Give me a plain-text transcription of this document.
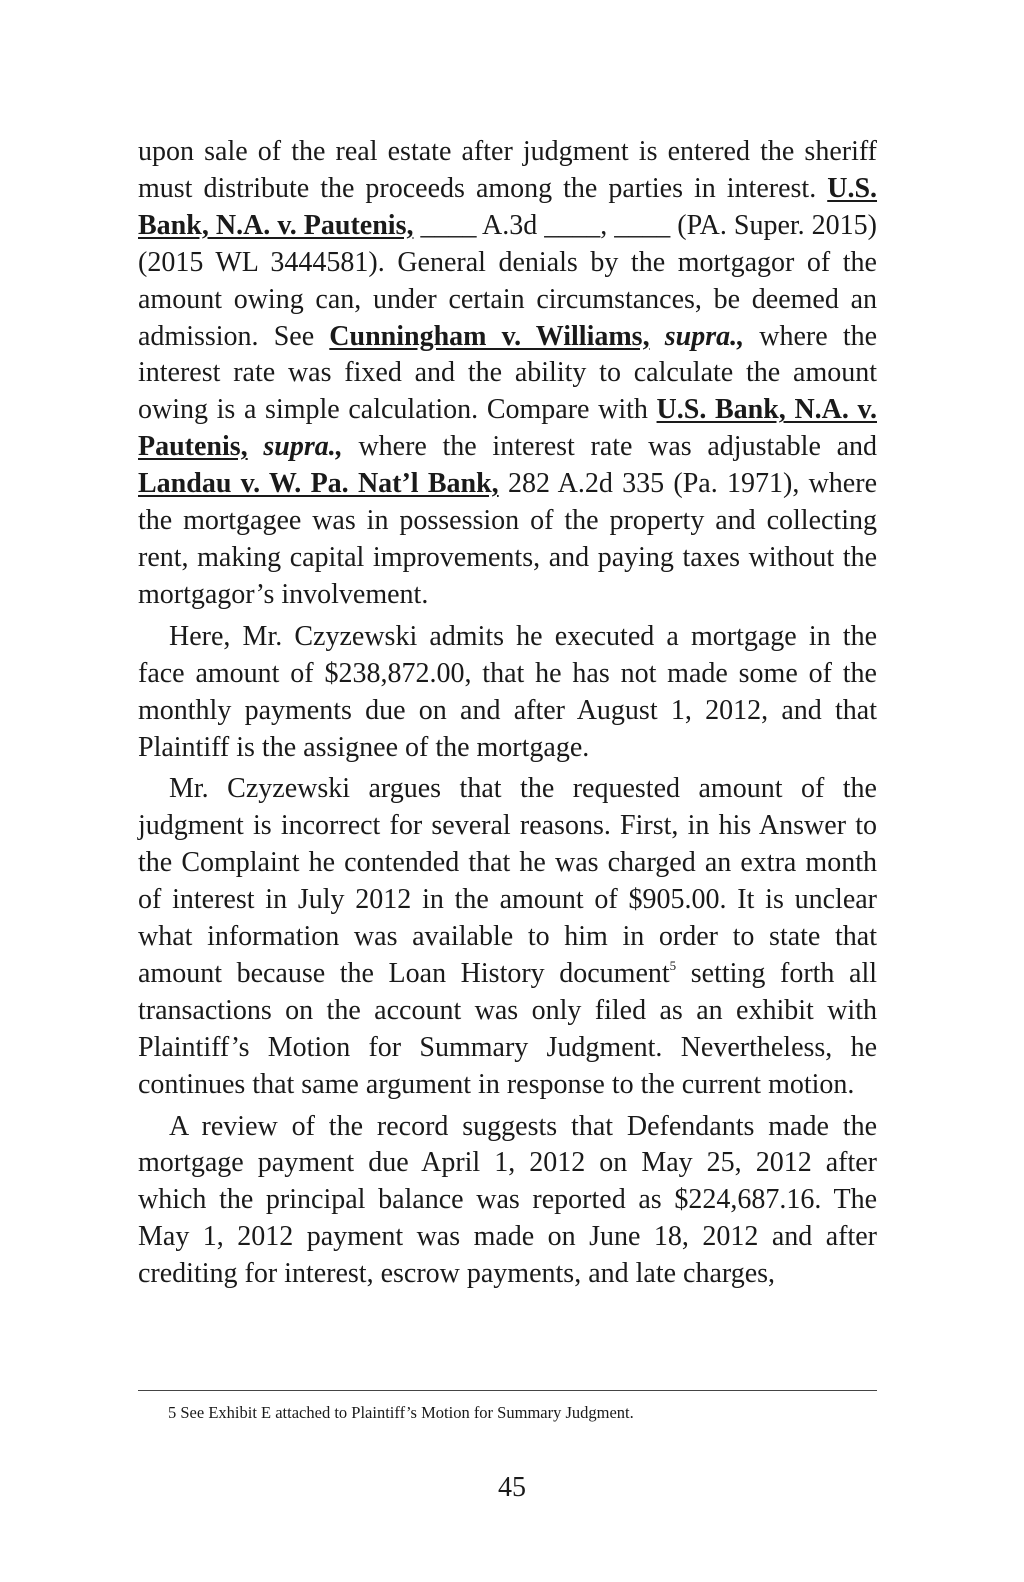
upon sale of the real estate after judgment is entered the sheriff must distribute the proceeds among the parties in interest. U.S. Bank, N.A. v. Pautenis, ____ A.3d ____, ____ (PA. Super. 2015)(2015 WL 3444581). General denials by the mortgagor of the amount owing can, under certain circumstances, be deemed an admission. See Cunningham v. Williams, supra., where the interest rate was fixed and the ability to calculate the amount owing is a simple calculation. Compare with U.S. Bank, N.A. v. Pautenis, supra., where the interest rate was adjustable and Landau v. W. Pa. Nat’l Bank, 282 A.2d 335 (Pa. 1971), where the mortgagee was in possession of the property and collecting rent, making capital improvements, and paying taxes without the mortgagor’s involvement.

Here, Mr. Czyzewski admits he executed a mortgage in the face amount of $238,872.00, that he has not made some of the monthly payments due on and after August 1, 2012, and that Plaintiff is the assignee of the mortgage.

Mr. Czyzewski argues that the requested amount of the judgment is incorrect for several reasons. First, in his Answer to the Complaint he contended that he was charged an extra month of interest in July 2012 in the amount of $905.00. It is unclear what information was available to him in order to state that amount because the Loan History document$^5$ setting forth all transactions on the account was only filed as an exhibit with Plaintiff’s Motion for Summary Judgment. Nevertheless, he continues that same argument in response to the current motion.

A review of the record suggests that Defendants made the mortgage payment due April 1, 2012 on May 25, 2012 after which the principal balance was reported as $224,687.16. The May 1, 2012 payment was made on June 18, 2012 and after crediting for interest, escrow payments, and late charges,

5 See Exhibit E attached to Plaintiff’s Motion for Summary Judgment.

45
